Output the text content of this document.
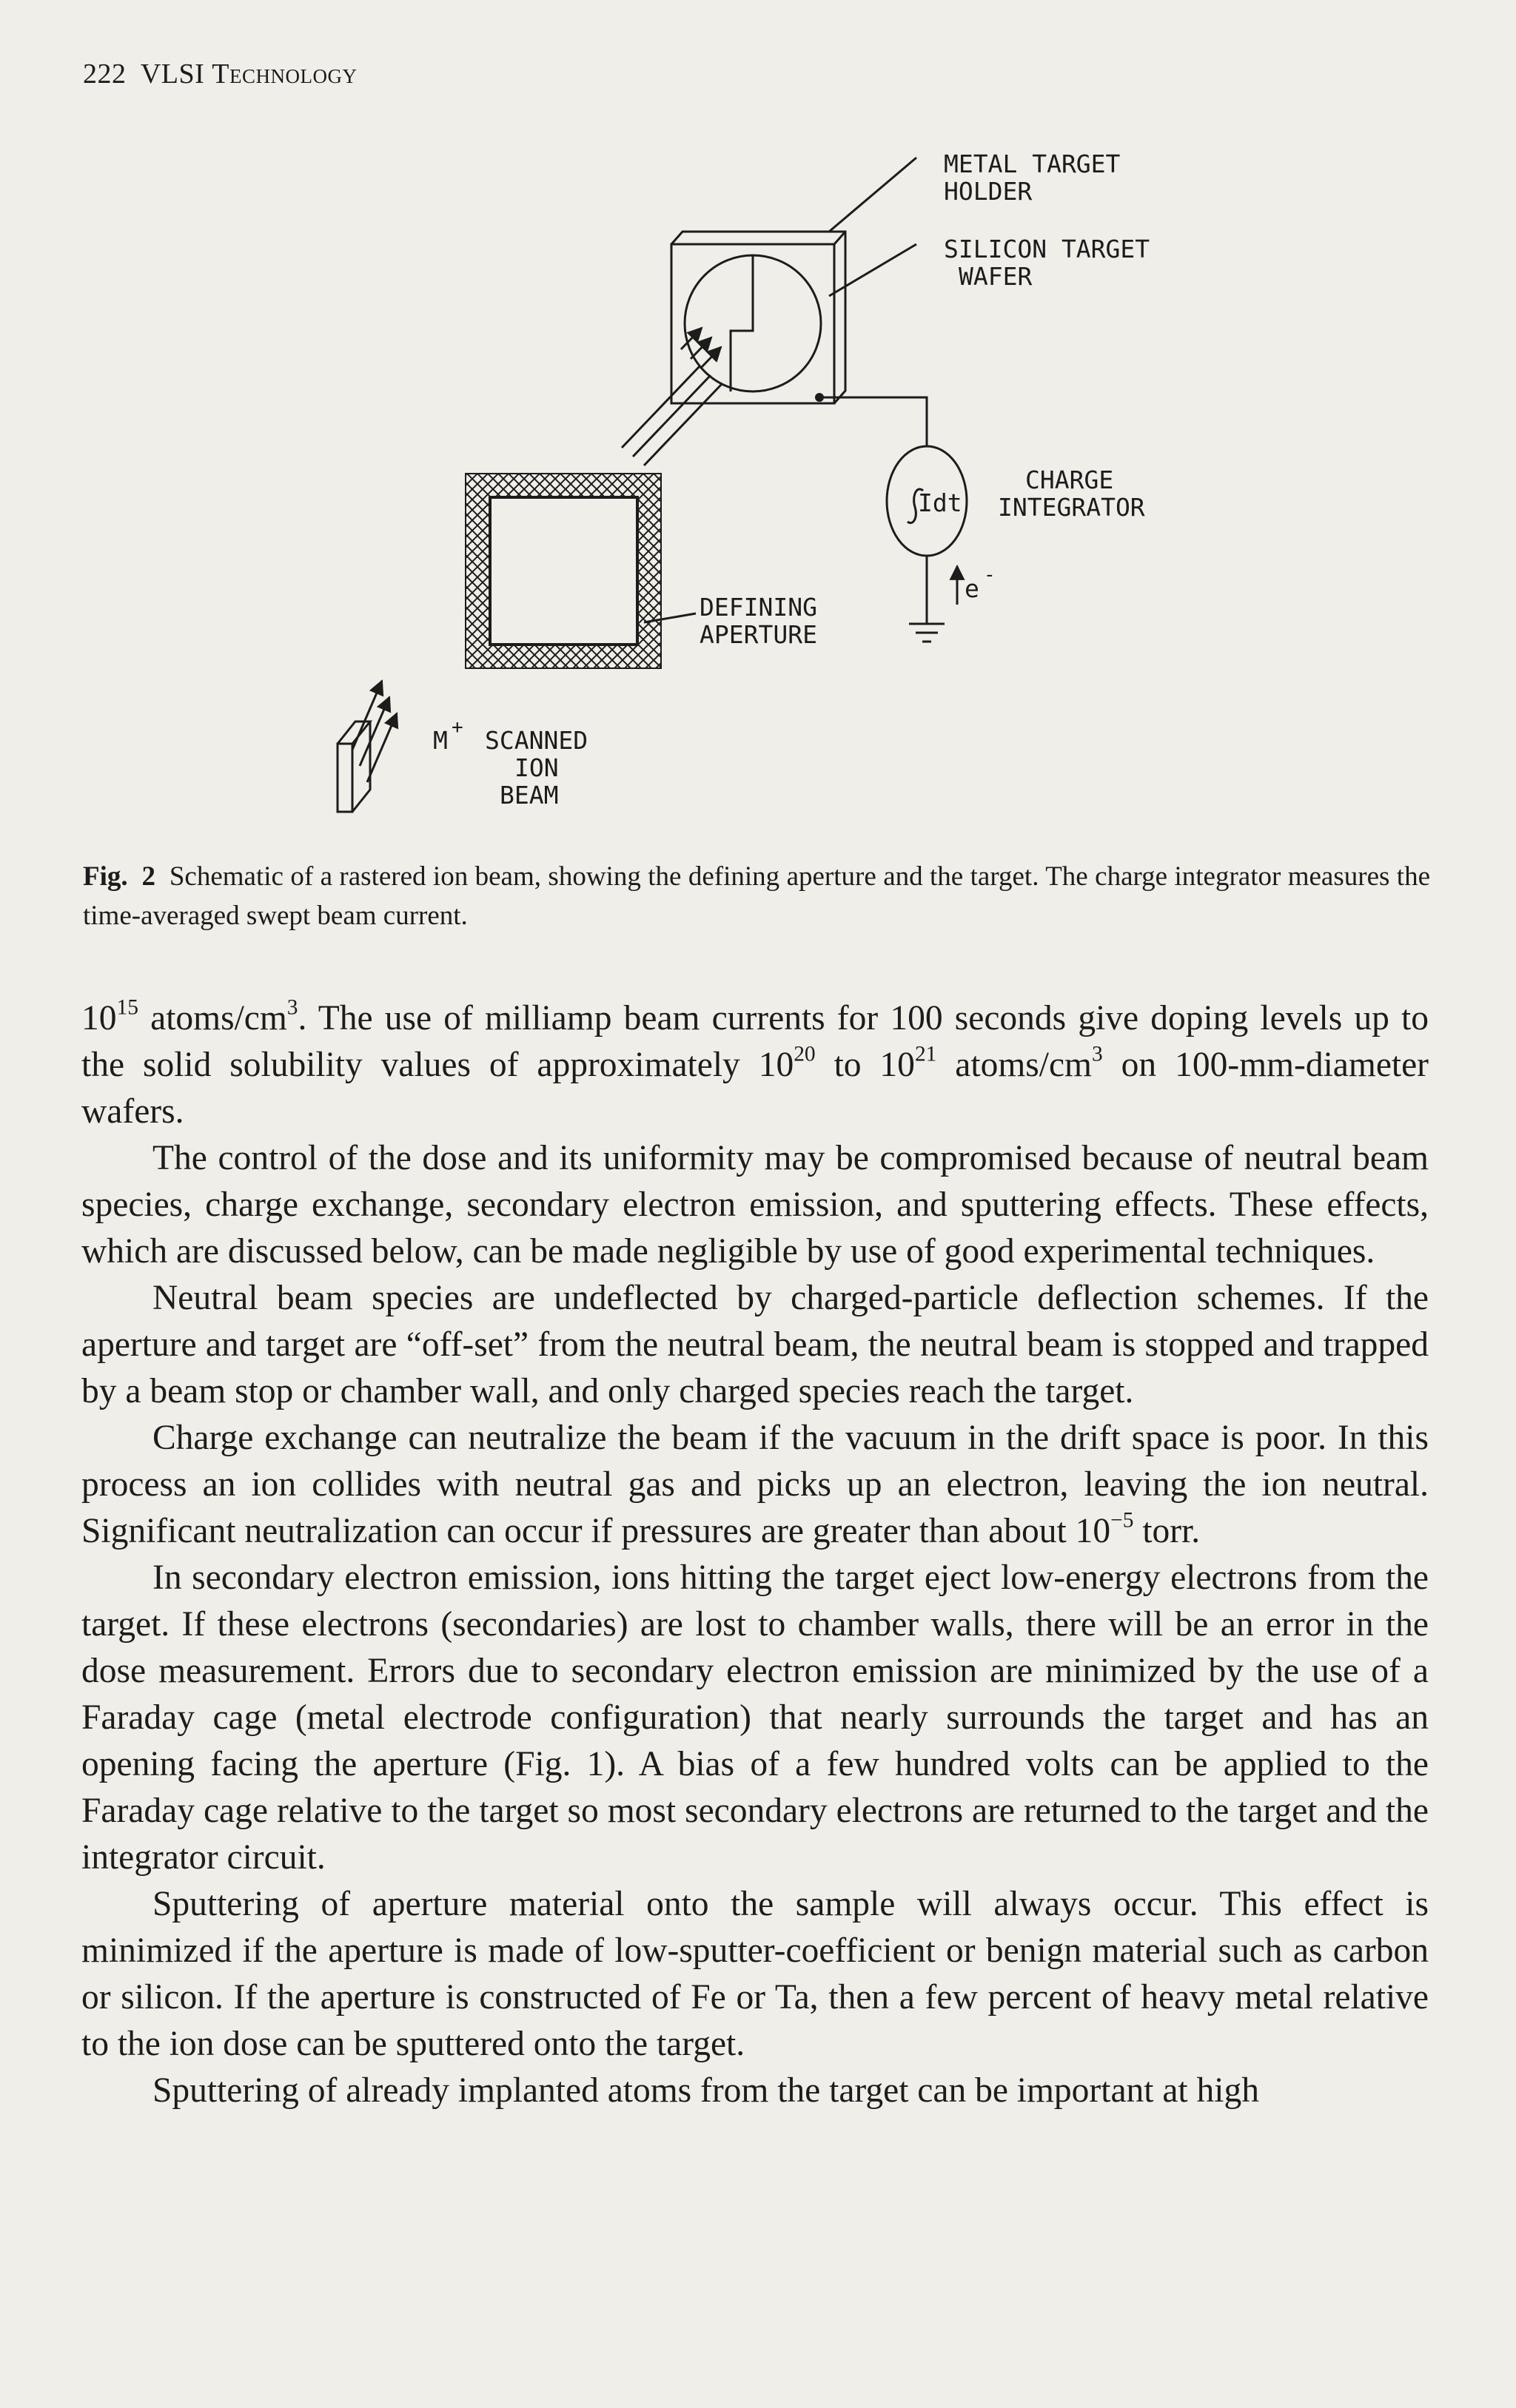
222 VLSI Technology
METAL TARGET
HOLDER
SILICON TARGET
WAFER
Idt
CHARGE
INTEGRATOR
e -
DEFINING
APERTURE
M + SCANNED
ION
BEAM
Fig. 2 Schematic of a rastered ion beam, showing the defining aperture and the target. The charge integrator measures the time-averaged swept beam current.

$10^{15}$ atoms/$cm^3$. The use of milliamp beam currents for 100 seconds give doping levels up to the solid solubility values of approximately $10^{20}$ to $10^{21}$ atoms/$cm^3$ on 100-mm-diameter wafers.

The control of the dose and its uniformity may be compromised because of neutral beam species, charge exchange, secondary electron emission, and sputtering effects. These effects, which are discussed below, can be made negligible by use of good experimental techniques.

Neutral beam species are undeflected by charged-particle deflection schemes. If the aperture and target are “off-set” from the neutral beam, the neutral beam is stopped and trapped by a beam stop or chamber wall, and only charged species reach the target.

Charge exchange can neutralize the beam if the vacuum in the drift space is poor. In this process an ion collides with neutral gas and picks up an electron, leaving the ion neutral. Significant neutralization can occur if pressures are greater than about $10^{-5}$ torr.

In secondary electron emission, ions hitting the target eject low-energy electrons from the target. If these electrons (secondaries) are lost to chamber walls, there will be an error in the dose measurement. Errors due to secondary electron emission are minimized by the use of a Faraday cage (metal electrode configuration) that nearly surrounds the target and has an opening facing the aperture (Fig. 1). A bias of a few hundred volts can be applied to the Faraday cage relative to the target so most secondary electrons are returned to the target and the integrator circuit.

Sputtering of aperture material onto the sample will always occur. This effect is minimized if the aperture is made of low-sputter-coefficient or benign material such as carbon or silicon. If the aperture is constructed of Fe or Ta, then a few percent of heavy metal relative to the ion dose can be sputtered onto the target.

Sputtering of already implanted atoms from the target can be important at high
